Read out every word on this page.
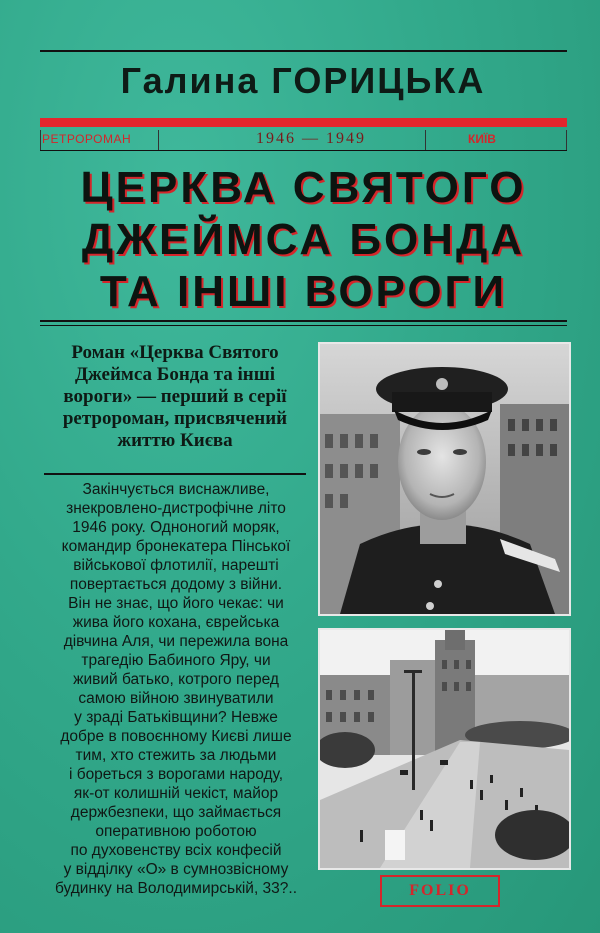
Галина ГОРИЦЬКА
РЕТРОРОМАН	1946 — 1949	КИЇВ
ЦЕРКВА СВЯТОГО
ДЖЕЙМСА БОНДА
ТА ІНШІ ВОРОГИ
Роман «Церква Святого
Джеймса Бонда та інші
вороги» — перший в серії
ретророман, присвячений
життю Києва
Закінчується виснажливе,
знекровлено-дистрофічне літо
1946 року. Одноногий моряк,
командир бронекатера Пінської
військової флотилії, нарешті
повертається додому з війни.
Він не знає, що його чекає: чи
жива його кохана, єврейська
дівчина Аля, чи пережила вона
трагедію Бабиного Яру, чи
живий батько, котрого перед
самою війною звинуватили
у зраді Батьківщини? Невже
добре в повоєнному Києві лише
тим, хто стежить за людьми
і бореться з ворогами народу,
як-от колишній чекіст, майор
держбезпеки, що займається
оперативною роботою
по духовенству всіх конфесій
у відділку «О» в сумнозвісному
будинку на Володимирській, 33?..	FOLIO
